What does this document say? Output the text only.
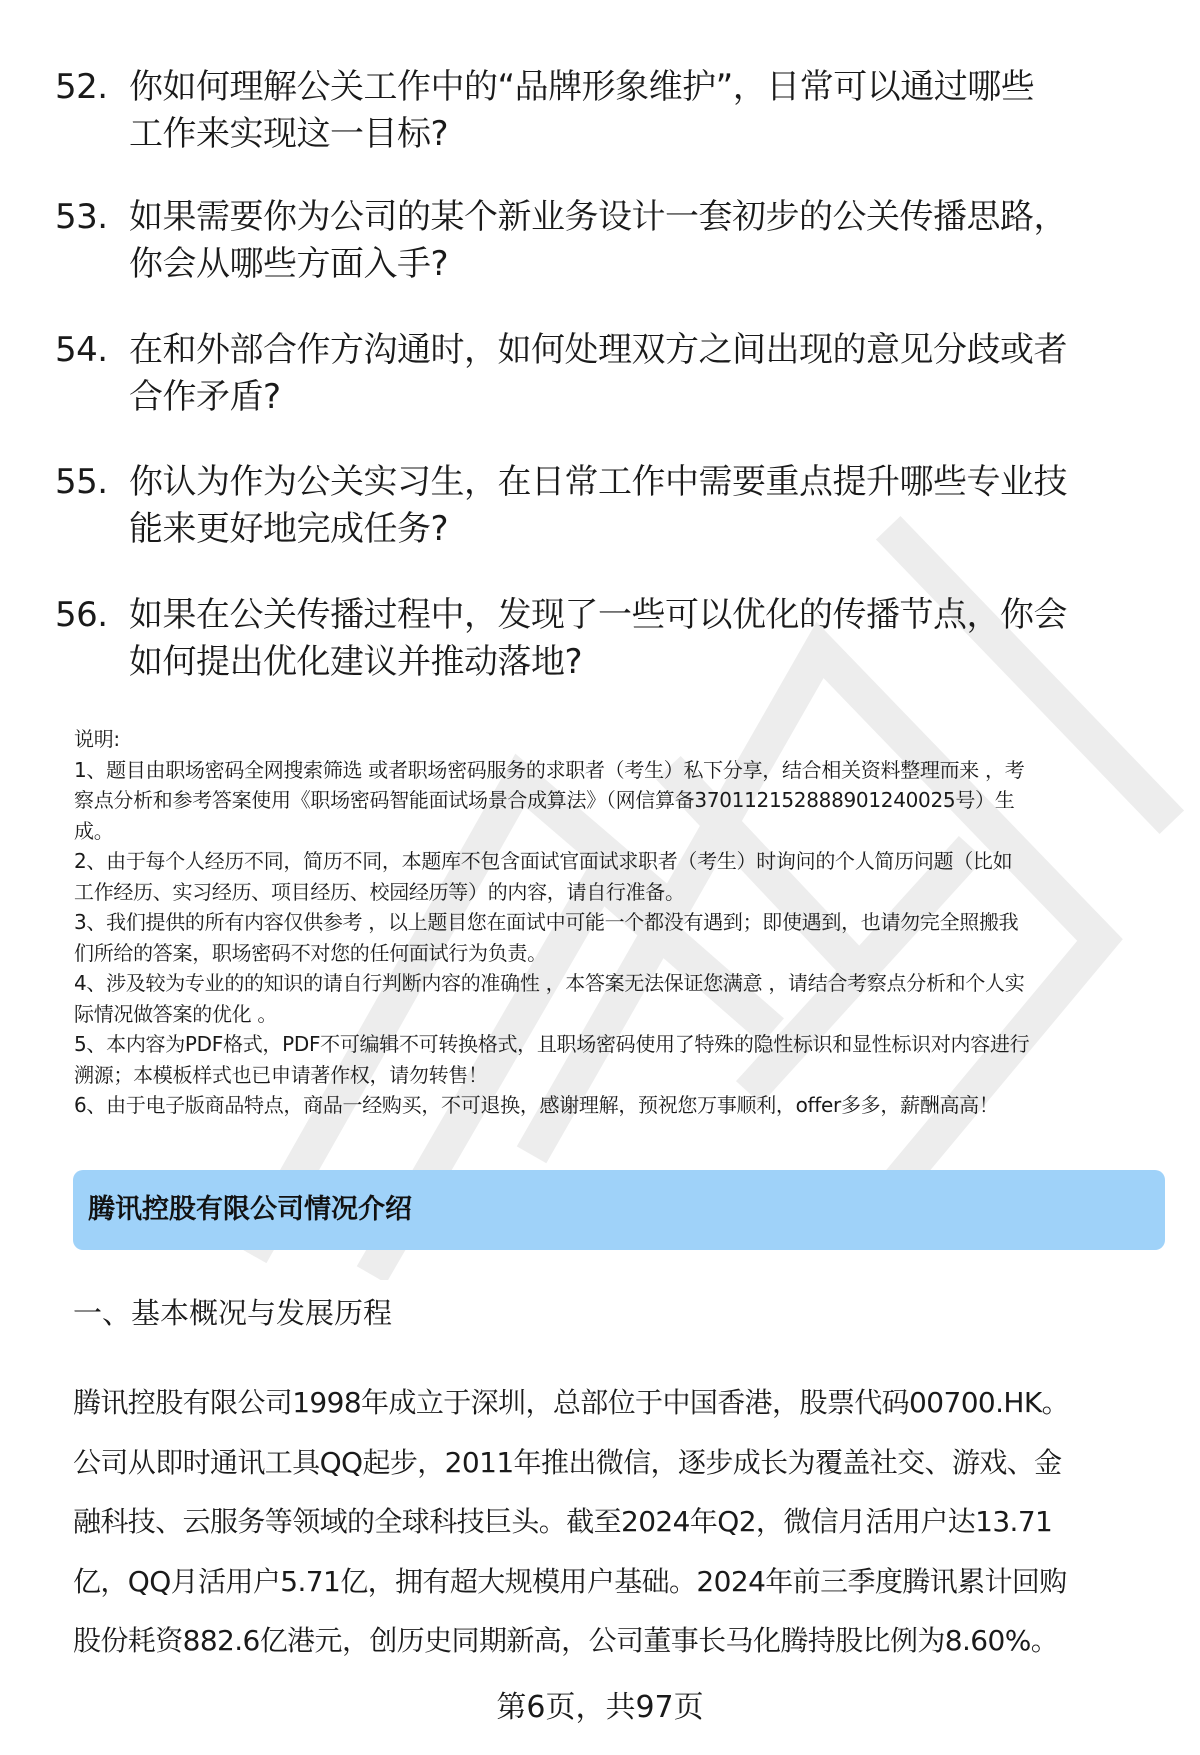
52. 你如何理解公关工作中的“品牌形象维护”，日常可以通过哪些
工作来实现这一目标?
53. 如果需要你为公司的某个新业务设计一套初步的公关传播思路，
你会从哪些方面入手?
54. 在和外部合作方沟通时，如何处理双方之间出现的意见分歧或者
合作矛盾?
55. 你认为作为公关实习生，在日常工作中需要重点提升哪些专业技
能来更好地完成任务?
56. 如果在公关传播过程中，发现了一些可以优化的传播节点，你会
如何提出优化建议并推动落地?

说明:

1、题目由职场密码全网搜索筛选 或者职场密码服务的求职者（考生）私下分享，结合相关资料整理而来 ，考

察点分析和参考答案使用《职场密码智能面试场景合成算法》（网信算备370112152888901240025号）生

成。

2、由于每个人经历不同，简历不同，本题库不包含面试官面试求职者（考生）时询问的个人简历问题（比如

工作经历、实习经历、项目经历、校园经历等）的内容，请自行准备。

3、我们提供的所有内容仅供参考 ，以上题目您在面试中可能一个都没有遇到；即使遇到，也请勿完全照搬我

们所给的答案，职场密码不对您的任何面试行为负责。

4、涉及较为专业的的知识的请自行判断内容的准确性 ，本答案无法保证您满意 ，请结合考察点分析和个人实

际情况做答案的优化 。

5、本内容为PDF格式，PDF不可编辑不可转换格式，且职场密码使用了特殊的隐性标识和显性标识对内容进行

溯源；本模板样式也已申请著作权，请勿转售！

6、由于电子版商品特点，商品一经购买，不可退换，感谢理解，预祝您万事顺利，offer多多，薪酬高高！

腾讯控股有限公司情况介绍
一、基本概况与发展历程

腾讯控股有限公司1998年成立于深圳，总部位于中国香港，股票代码00700.HK。

公司从即时通讯工具QQ起步，2011年推出微信，逐步成长为覆盖社交、游戏、金

融科技、云服务等领域的全球科技巨头。截至2024年Q2，微信月活用户达13.71

亿，QQ月活用户5.71亿，拥有超大规模用户基础。2024年前三季度腾讯累计回购

股份耗资882.6亿港元，创历史同期新高，公司董事长马化腾持股比例为8.60%。

第6页，共97页
